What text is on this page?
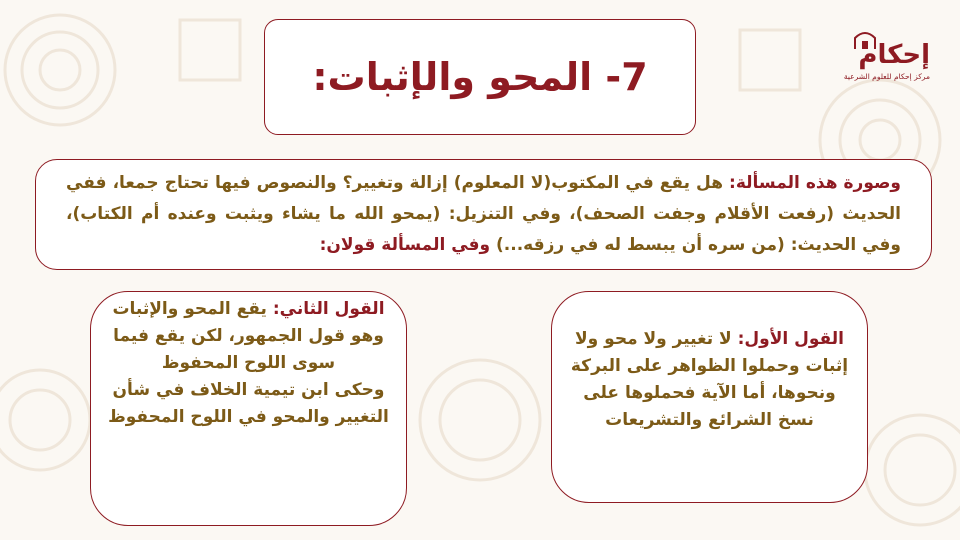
إحكام
مركز إحكام للعلوم الشرعية
7- المحو والإثبات:
وصورة هذه المسألة: هل يقع في المكتوب(لا المعلوم) إزالة وتغيير؟ والنصوص فيها تحتاج جمعا، ففي الحديث (رفعت الأقلام وجفت الصحف)، وفي التنزيل: (يمحو الله ما يشاء ويثبت وعنده أم الكتاب)، وفي الحديث: (من سره أن يبسط له في رزقه...) وفي المسألة قولان:

القول الثاني: يقع المحو والإثبات وهو قول الجمهور، لكن يقع فيما سوى اللوح المحفوظ

وحكى ابن تيمية الخلاف في شأن التغيير والمحو في اللوح المحفوظ

القول الأول: لا تغيير ولا محو ولا إثبات وحملوا الظواهر على البركة ونحوها، أما الآية فحملوها على نسخ الشرائع والتشريعات
